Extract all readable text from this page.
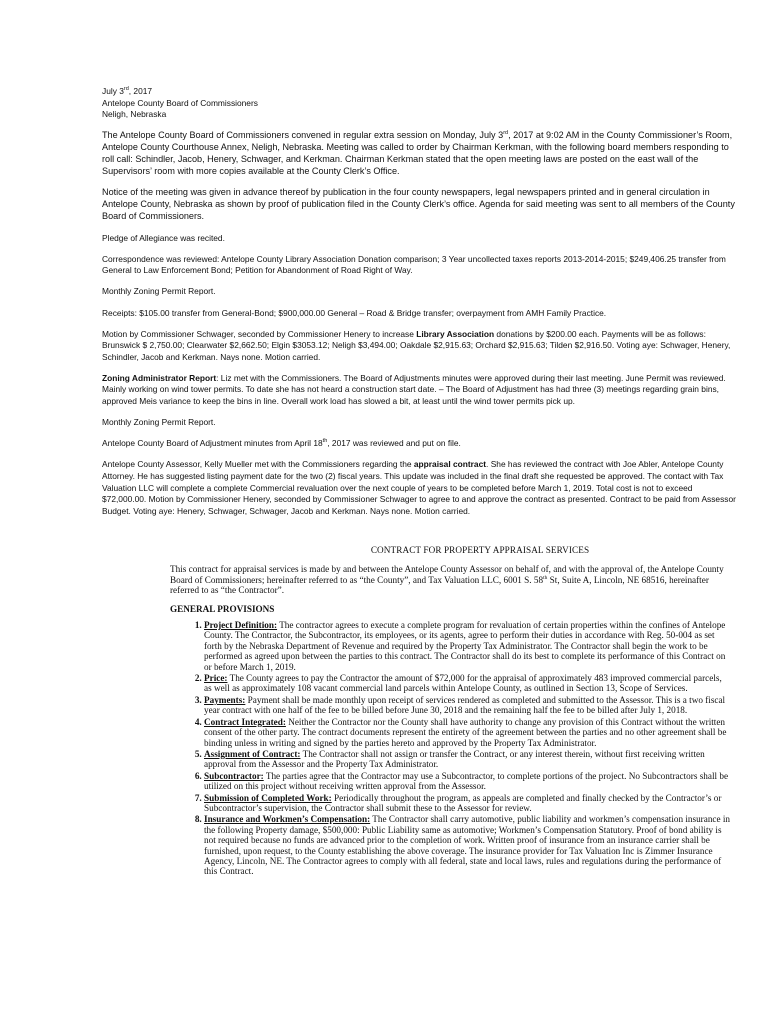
July 3rd, 2017

Antelope County Board of Commissioners

Neligh, Nebraska

The Antelope County Board of Commissioners convened in regular extra session on Monday, July 3rd, 2017 at 9:02 AM in the County Commissioner’s Room, Antelope County Courthouse Annex, Neligh, Nebraska. Meeting was called to order by Chairman Kerkman, with the following board members responding to roll call: Schindler, Jacob, Henery, Schwager, and Kerkman. Chairman Kerkman stated that the open meeting laws are posted on the east wall of the Supervisors’ room with more copies available at the County Clerk’s Office.

Notice of the meeting was given in advance thereof by publication in the four county newspapers, legal newspapers printed and in general circulation in Antelope County, Nebraska as shown by proof of publication filed in the County Clerk’s office. Agenda for said meeting was sent to all members of the County Board of Commissioners.

Pledge of Allegiance was recited.

Correspondence was reviewed: Antelope County Library Association Donation comparison; 3 Year uncollected taxes reports 2013-2014-2015; $249,406.25 transfer from General to Law Enforcement Bond; Petition for Abandonment of Road Right of Way.

Monthly Zoning Permit Report.

Receipts: $105.00 transfer from General-Bond; $900,000.00 General – Road & Bridge transfer; overpayment from AMH Family Practice.

Motion by Commissioner Schwager, seconded by Commissioner Henery to increase Library Association donations by $200.00 each. Payments will be as follows: Brunswick $ 2,750.00; Clearwater $2,662.50; Elgin $3053.12; Neligh $3,494.00; Oakdale $2,915.63; Orchard $2,915.63; Tilden $2,916.50. Voting aye: Schwager, Henery, Schindler, Jacob and Kerkman. Nays none. Motion carried.

Zoning Administrator Report: Liz met with the Commissioners. The Board of Adjustments minutes were approved during their last meeting. June Permit was reviewed. Mainly working on wind tower permits. To date she has not heard a construction start date. – The Board of Adjustment has had three (3) meetings regarding grain bins, approved Meis variance to keep the bins in line. Overall work load has slowed a bit, at least until the wind tower permits pick up.

Monthly Zoning Permit Report.

Antelope County Board of Adjustment minutes from April 18th, 2017 was reviewed and put on file.

Antelope County Assessor, Kelly Mueller met with the Commissioners regarding the appraisal contract. She has reviewed the contract with Joe Abler, Antelope County Attorney. He has suggested listing payment date for the two (2) fiscal years. This update was included in the final draft she requested be approved. The contact with Tax Valuation LLC will complete a complete Commercial revaluation over the next couple of years to be completed before March 1, 2019. Total cost is not to exceed $72,000.00. Motion by Commissioner Henery, seconded by Commissioner Schwager to agree to and approve the contract as presented. Contract to be paid from Assessor Budget. Voting aye: Henery, Schwager, Schwager, Jacob and Kerkman. Nays none. Motion carried.

CONTRACT FOR PROPERTY APPRAISAL SERVICES

This contract for appraisal services is made by and between the Antelope County Assessor on behalf of, and with the approval of, the Antelope County Board of Commissioners; hereinafter referred to as “the County”, and Tax Valuation LLC, 6001 S. 58th St, Suite A, Lincoln, NE 68516, hereinafter referred to as “the Contractor”.

GENERAL PROVISIONS

1. Project Definition: The contractor agrees to execute a complete program for revaluation of certain properties within the confines of Antelope County. The Contractor, the Subcontractor, its employees, or its agents, agree to perform their duties in accordance with Reg. 50-004 as set forth by the Nebraska Department of Revenue and required by the Property Tax Administrator. The Contractor shall begin the work to be performed as agreed upon between the parties to this contract. The Contractor shall do its best to complete its performance of this Contract on or before March 1, 2019.
2. Price: The County agrees to pay the Contractor the amount of $72,000 for the appraisal of approximately 483 improved commercial parcels, as well as approximately 108 vacant commercial land parcels within Antelope County, as outlined in Section 13, Scope of Services.
3. Payments: Payment shall be made monthly upon receipt of services rendered as completed and submitted to the Assessor. This is a two fiscal year contract with one half of the fee to be billed before June 30, 2018 and the remaining half the fee to be billed after July 1, 2018.
4. Contract Integrated: Neither the Contractor nor the County shall have authority to change any provision of this Contract without the written consent of the other party. The contract documents represent the entirety of the agreement between the parties and no other agreement shall be binding unless in writing and signed by the parties hereto and approved by the Property Tax Administrator.
5. Assignment of Contract: The Contractor shall not assign or transfer the Contract, or any interest therein, without first receiving written approval from the Assessor and the Property Tax Administrator.
6. Subcontractor: The parties agree that the Contractor may use a Subcontractor, to complete portions of the project. No Subcontractors shall be utilized on this project without receiving written approval from the Assessor.
7. Submission of Completed Work: Periodically throughout the program, as appeals are completed and finally checked by the Contractor’s or Subcontractor’s supervision, the Contractor shall submit these to the Assessor for review.
8. Insurance and Workmen’s Compensation: The Contractor shall carry automotive, public liability and workmen’s compensation insurance in the following Property damage, $500,000: Public Liability same as automotive; Workmen’s Compensation Statutory. Proof of bond ability is not required because no funds are advanced prior to the completion of work. Written proof of insurance from an insurance carrier shall be furnished, upon request, to the County establishing the above coverage. The insurance provider for Tax Valuation Inc is Zimmer Insurance Agency, Lincoln, NE. The Contractor agrees to comply with all federal, state and local laws, rules and regulations during the performance of this Contract.
